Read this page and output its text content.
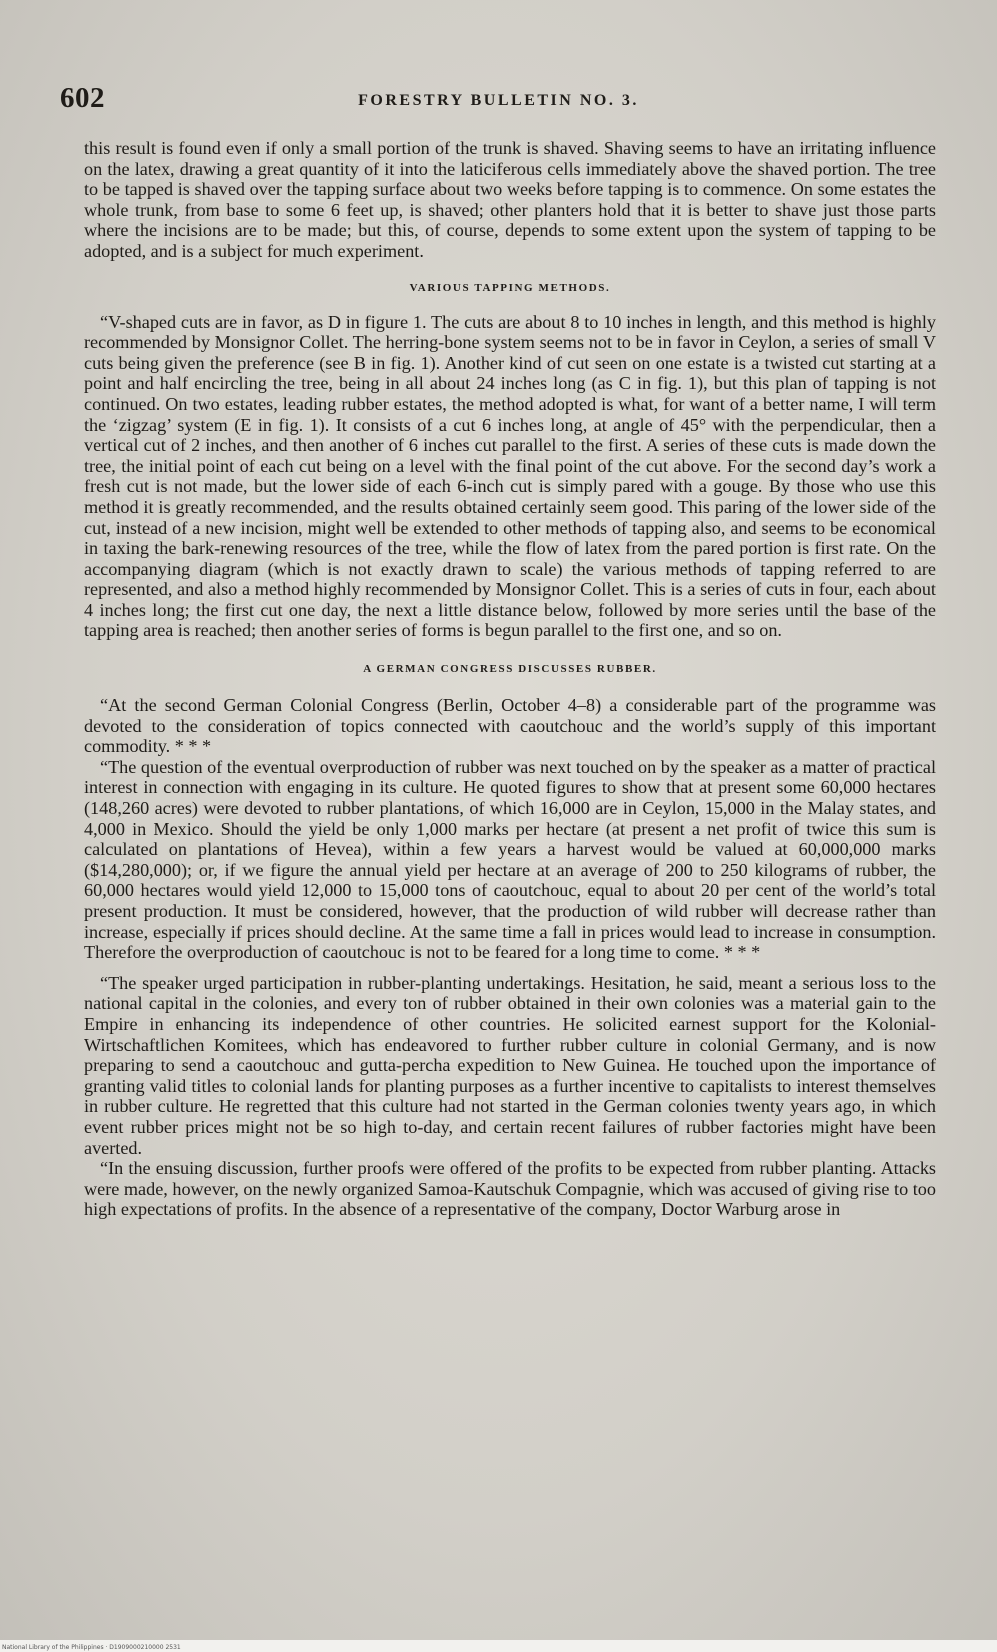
602	FORESTRY BULLETIN NO. 3.

this result is found even if only a small portion of the trunk is shaved. Shaving seems to have an irritating influence on the latex, drawing a great quantity of it into the laticiferous cells immediately above the shaved portion. The tree to be tapped is shaved over the tapping surface about two weeks before tapping is to commence. On some estates the whole trunk, from base to some 6 feet up, is shaved; other planters hold that it is better to shave just those parts where the incisions are to be made; but this, of course, depends to some extent upon the system of tapping to be adopted, and is a subject for much experiment.

VARIOUS TAPPING METHODS.

“V-shaped cuts are in favor, as D in figure 1. The cuts are about 8 to 10 inches in length, and this method is highly recommended by Monsignor Collet. The herring-bone system seems not to be in favor in Ceylon, a series of small V cuts being given the preference (see B in fig. 1). Another kind of cut seen on one estate is a twisted cut starting at a point and half encircling the tree, being in all about 24 inches long (as C in fig. 1), but this plan of tapping is not continued. On two estates, leading rubber estates, the method adopted is what, for want of a better name, I will term the ‘zigzag’ system (E in fig. 1). It consists of a cut 6 inches long, at angle of 45° with the perpendicular, then a vertical cut of 2 inches, and then another of 6 inches cut parallel to the first. A series of these cuts is made down the tree, the initial point of each cut being on a level with the final point of the cut above. For the second day’s work a fresh cut is not made, but the lower side of each 6-inch cut is simply pared with a gouge. By those who use this method it is greatly recommended, and the results obtained certainly seem good. This paring of the lower side of the cut, instead of a new incision, might well be extended to other methods of tapping also, and seems to be economical in taxing the bark-renewing resources of the tree, while the flow of latex from the pared portion is first rate. On the accompanying diagram (which is not exactly drawn to scale) the various methods of tapping referred to are represented, and also a method highly recommended by Monsignor Collet. This is a series of cuts in four, each about 4 inches long; the first cut one day, the next a little distance below, followed by more series until the base of the tapping area is reached; then another series of forms is begun parallel to the first one, and so on.

A GERMAN CONGRESS DISCUSSES RUBBER.

“At the second German Colonial Congress (Berlin, October 4–8) a considerable part of the programme was devoted to the consideration of topics connected with caoutchouc and the world’s supply of this important commodity. * * *

“The question of the eventual overproduction of rubber was next touched on by the speaker as a matter of practical interest in connection with engaging in its culture. He quoted figures to show that at present some 60,000 hectares (148,260 acres) were devoted to rubber plantations, of which 16,000 are in Ceylon, 15,000 in the Malay states, and 4,000 in Mexico. Should the yield be only 1,000 marks per hectare (at present a net profit of twice this sum is calculated on plantations of Hevea), within a few years a harvest would be valued at 60,000,000 marks ($14,280,000); or, if we figure the annual yield per hectare at an average of 200 to 250 kilograms of rubber, the 60,000 hectares would yield 12,000 to 15,000 tons of caoutchouc, equal to about 20 per cent of the world’s total present production. It must be considered, however, that the production of wild rubber will decrease rather than increase, especially if prices should decline. At the same time a fall in prices would lead to increase in consumption. Therefore the overproduction of caoutchouc is not to be feared for a long time to come. * * *

“The speaker urged participation in rubber-planting undertakings. Hesitation, he said, meant a serious loss to the national capital in the colonies, and every ton of rubber obtained in their own colonies was a material gain to the Empire in enhancing its independence of other countries. He solicited earnest support for the Kolonial-Wirtschaftlichen Komitees, which has endeavored to further rubber culture in colonial Germany, and is now preparing to send a caoutchouc and gutta-percha expedition to New Guinea. He touched upon the importance of granting valid titles to colonial lands for planting purposes as a further incentive to capitalists to interest themselves in rubber culture. He regretted that this culture had not started in the German colonies twenty years ago, in which event rubber prices might not be so high to-day, and certain recent failures of rubber factories might have been averted.

“In the ensuing discussion, further proofs were offered of the profits to be expected from rubber planting. Attacks were made, however, on the newly organized Samoa-Kautschuk Compagnie, which was accused of giving rise to too high expectations of profits. In the absence of a representative of the company, Doctor Warburg arose in

National Library of the Philippines · D1909000210000 2531
